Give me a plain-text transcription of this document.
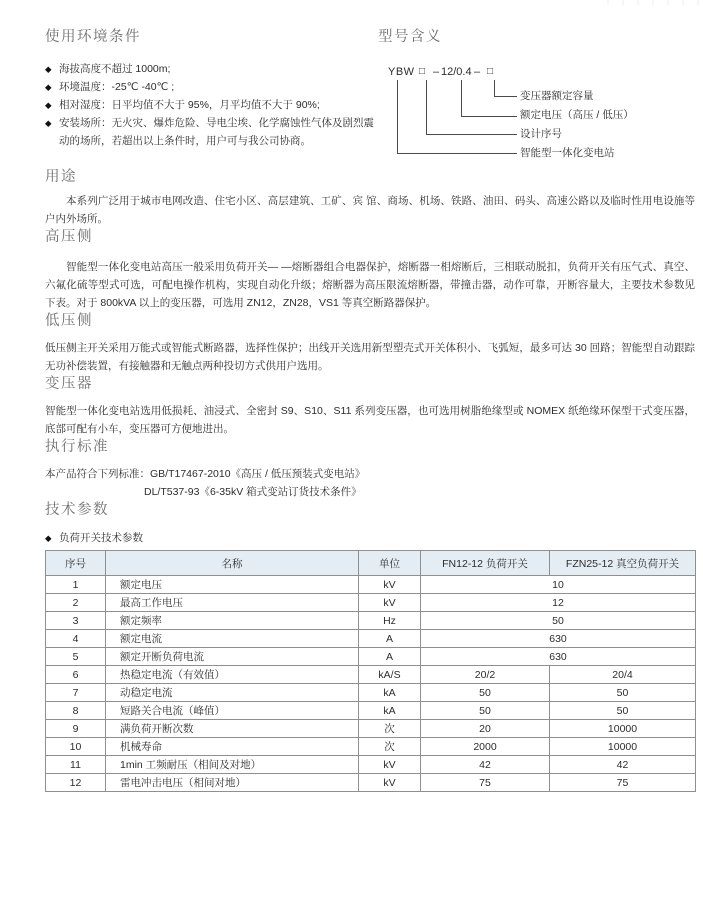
使用环境条件
◆ 海拔高度不超过 1000m;
◆ 环境温度：-25℃ -40℃ ;
◆ 相对湿度：日平均值不大于 95%，月平均值不大于 90%;
◆ 安装场所：无火灾、爆炸危险、导电尘埃、化学腐蚀性气体及剧烈震动的场所，若超出以上条件时，用户可与我公司协商。
型号含义
YBW □ – 12/0.4 – □
变压器额定容量
额定电压（高压 / 低压）
设计序号
智能型一体化变电站
用途

本系列广泛用于城市电网改造、住宅小区、高层建筑、工矿、宾 馆、商场、机场、铁路、油田、码头、高速公路以及临时性用电设施等户内外场所。

高压侧

智能型一体化变电站高压一般采用负荷开关— —熔断器组合电器保护，熔断器一相熔断后，三相联动脱扣，负荷开关有压气式、真空、六氟化硫等型式可选，可配电操作机构，实现自动化升级；熔断器为高压限流熔断器，带撞击器，动作可靠，开断容量大，主要技术参数见下表。对于 800kVA 以上的变压器，可选用 ZN12，ZN28，VS1 等真空断路器保护。

低压侧

低压侧主开关采用万能式或智能式断路器，选择性保护；出线开关选用新型塑壳式开关体积小、飞弧短，最多可达 30 回路；智能型自动跟踪无功补偿装置，有接触器和无触点两种投切方式供用户选用。

变压器

智能型一体化变电站选用低损耗、油浸式、全密封 S9、S10、S11 系列变压器，也可选用树脂绝缘型或 NOMEX 纸绝缘环保型干式变压器，底部可配有小车，变压器可方便地进出。

执行标准
本产品符合下列标准：GB/T17467-2010《高压 / 低压预装式变电站》
DL/T537-93《6-35kV 箱式变站订货技术条件》
技术参数
◆ 负荷开关技术参数
序号	名称	单位	FN12-12 负荷开关	FZN25-12 真空负荷开关
1	额定电压	kV	10	
2	最高工作电压	kV	12	
3	额定频率	Hz	50	
4	额定电流	A	630	
5	额定开断负荷电流	A	630	
6	热稳定电流（有效值）	kA/S	20/2	20/4
7	动稳定电流	kA	50	50
8	短路关合电流（峰值）	kA	50	50
9	满负荷开断次数	次	20	10000
10	机械寿命	次	2000	10000
11	1min 工频耐压（相间及对地）	kV	42	42
12	雷电冲击电压（相间对地）	kV	75	75
